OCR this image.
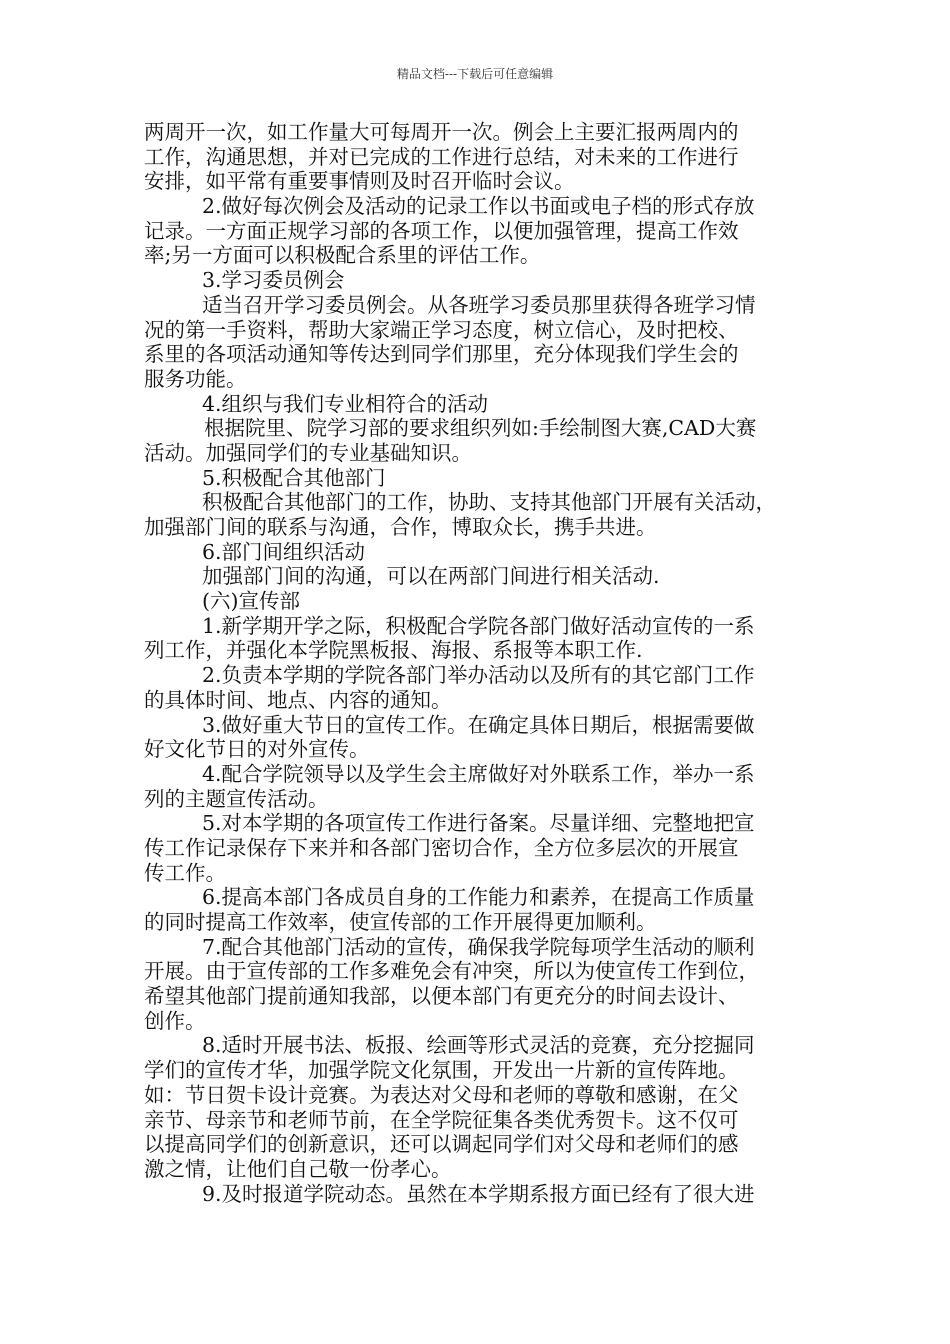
精品文档---下载后可任意编辑
两周开一次，如工作量大可每周开一次。例会上主要汇报两周内的
工作，沟通思想，并对已完成的工作进行总结，对未来的工作进行
安排，如平常有重要事情则及时召开临时会议。
2.做好每次例会及活动的记录工作以书面或电子档的形式存放
记录。一方面正规学习部的各项工作，以便加强管理，提高工作效
率;另一方面可以积极配合系里的评估工作。
3.学习委员例会
适当召开学习委员例会。从各班学习委员那里获得各班学习情
况的第一手资料，帮助大家端正学习态度，树立信心，及时把校、
系里的各项活动通知等传达到同学们那里，充分体现我们学生会的
服务功能。
4.组织与我们专业相符合的活动
根据院里、院学习部的要求组织列如:手绘制图大赛,CAD大赛
活动。加强同学们的专业基础知识。
5.积极配合其他部门
积极配合其他部门的工作，协助、支持其他部门开展有关活动，
加强部门间的联系与沟通，合作，博取众长，携手共进。
6.部门间组织活动
加强部门间的沟通，可以在两部门间进行相关活动.
(六)宣传部
1.新学期开学之际，积极配合学院各部门做好活动宣传的一系
列工作，并强化本学院黑板报、海报、系报等本职工作.
2.负责本学期的学院各部门举办活动以及所有的其它部门工作
的具体时间、地点、内容的通知。
3.做好重大节日的宣传工作。在确定具体日期后，根据需要做
好文化节日的对外宣传。
4.配合学院领导以及学生会主席做好对外联系工作，举办一系
列的主题宣传活动。
5.对本学期的各项宣传工作进行备案。尽量详细、完整地把宣
传工作记录保存下来并和各部门密切合作，全方位多层次的开展宣
传工作。
6.提高本部门各成员自身的工作能力和素养，在提高工作质量
的同时提高工作效率，使宣传部的工作开展得更加顺利。
7.配合其他部门活动的宣传，确保我学院每项学生活动的顺利
开展。由于宣传部的工作多难免会有冲突，所以为使宣传工作到位，
希望其他部门提前通知我部，以便本部门有更充分的时间去设计、
创作。
8.适时开展书法、板报、绘画等形式灵活的竞赛，充分挖掘同
学们的宣传才华，加强学院文化氛围，开发出一片新的宣传阵地。
如：节日贺卡设计竞赛。为表达对父母和老师的尊敬和感谢，在父
亲节、母亲节和老师节前，在全学院征集各类优秀贺卡。这不仅可
以提高同学们的创新意识，还可以调起同学们对父母和老师们的感
激之情，让他们自己敬一份孝心。
9.及时报道学院动态。虽然在本学期系报方面已经有了很大进
